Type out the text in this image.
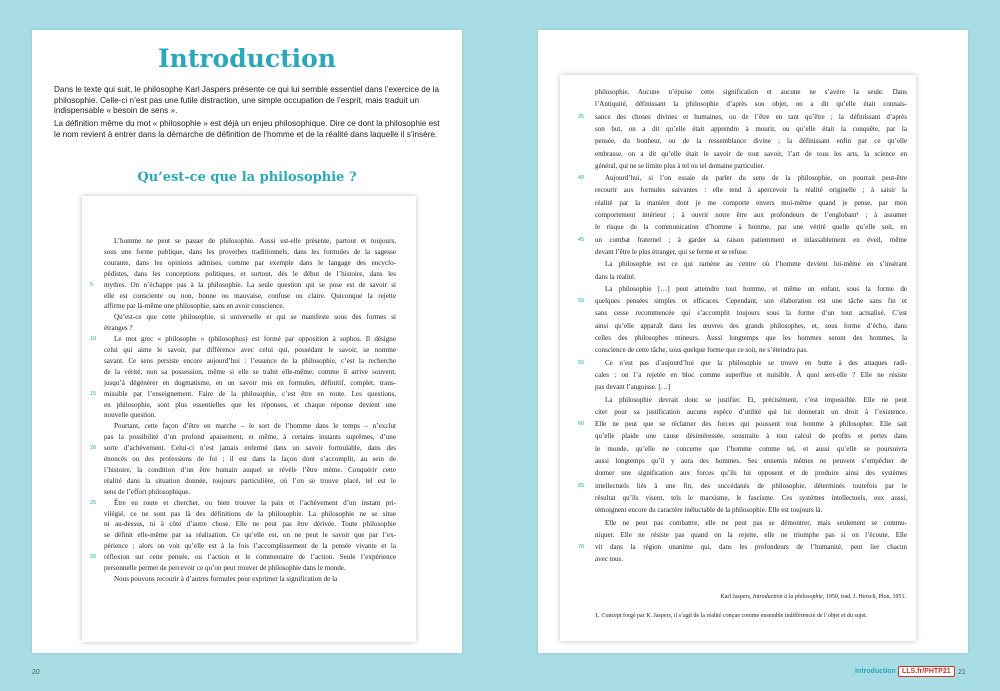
Introduction

Dans le texte qui suit, le philosophe Karl Jaspers présente ce qui lui semble essentiel dans l’exercice de la philosophie. Celle-ci n’est pas une futile distraction, une simple occupation de l’esprit, mais traduit un indispensable « besoin de sens ».

La définition même du mot « philosophie » est déjà un enjeu philosophique. Dire ce dont la philosophie est le nom revient à entrer dans la démarche de définition de l’homme et de la réalité dans laquelle il s’insère.

Qu’est-ce que la philosophie ?

L’homme ne peut se passer de philosophie. Aussi est-elle présente, partout et toujours,

sous une forme publique, dans les proverbes traditionnels, dans les formules de la sagesse

courante, dans les opinions admises, comme par exemple dans le langage des encyclo-

pédistes, dans les conceptions politiques, et surtout, dès le début de l’histoire, dans les

mythes. On n’échappe pas à la philosophie. La seule question qui se pose est de savoir si

elle est consciente ou non, bonne ou mauvaise, confuse ou claire. Quiconque la rejette

affirme par là-même une philosophie, sans en avoir conscience.

Qu’est-ce que cette philosophie, si universelle et qui se manifeste sous des formes si

étranges ?

Le mot grec « philosophe » (philosophos) est formé par opposition à sophos. Il désigne

celui qui aime le savoir, par différence avec celui qui, possédant le savoir, se nomme

savant. Ce sens persiste encore aujourd’hui : l’essence de la philosophie, c’est la recherche

de la vérité, non sa possession, même si elle se trahit elle-même, comme il arrive souvent,

jusqu’à dégénérer en dogmatisme, en un savoir mis en formules, définitif, complet, trans-

missible par l’enseignement. Faire de la philosophie, c’est être en route. Les questions,

en philosophie, sont plus essentielles que les réponses, et chaque réponse devient une

nouvelle question.

Pourtant, cette façon d’être en marche – le sort de l’homme dans le temps – n’exclut

pas la possibilité d’un profond apaisement, et même, à certains instants suprêmes, d’une

sorte d’achèvement. Celui-ci n’est jamais enfermé dans un savoir formulable, dans des

énoncés ou des professions de foi ; il est dans la façon dont s’accomplit, au sein de

l’histoire, la condition d’un être humain auquel se révèle l’être même. Conquérir cette

réalité dans la situation donnée, toujours particulière, où l’on se trouve placé, tel est le

sens de l’effort philosophique.

Être en route et chercher, ou bien trouver la paix et l’achèvement d’un instant pri-

vilégié, ce ne sont pas là des définitions de la philosophie. La philosophie ne se situe

ni au-dessus, ni à côté d’autre chose. Elle ne peut pas être dérivée. Toute philosophie

se définit elle-même par sa réalisation. Ce qu’elle est, on ne peut le savoir que par l’ex-

périence ; alors on voit qu’elle est à la fois l’accomplissement de la pensée vivante et la

réflexion sur cette pensée, ou l’action et le commentaire de l’action. Seule l’expérience

personnelle permet de percevoir ce qu’on peut trouver de philosophie dans le monde.

Nous pouvons recourir à d’autres formules pour exprimer la signification de la

5
10
15
20
25
30

philosophie. Aucune n’épuise cette signification et aucune ne s’avère la seule. Dans

l’Antiquité, définissant la philosophie d’après son objet, on a dit qu’elle était connais-

sance des choses divines et humaines, ou de l’être en tant qu’être ; la définissant d’après

son but, on a dit qu’elle était apprendre à mourir, ou qu’elle était la conquête, par la

pensée, du bonheur, ou de la ressemblance divine ; la définissant enfin par ce qu’elle

embrasse, on a dit qu’elle était le savoir de tout savoir, l’art de tous les arts, la science en

général, qui ne se limite plus à tel ou tel domaine particulier.

Aujourd’hui, si l’on essaie de parler du sens de la philosophie, on pourrait peut-être

recourir aux formules suivantes : elle tend à apercevoir la réalité originelle ; à saisir la

réalité par la manière dont je me comporte envers moi-même quand je pense, par mon

comportement intérieur ; à ouvrir notre être aux profondeurs de l’englobant¹ ; à assumer

le risque de la communication d’homme à homme, par une vérité quelle qu’elle soit, en

un combat fraternel ; à garder sa raison patiemment et inlassablement en éveil, même

devant l’être le plus étranger, qui se ferme et se refuse.

La philosophie est ce qui ramène au centre où l’homme devient lui-même en s’insérant

dans la réalité.

La philosophie […] peut atteindre tout homme, et même un enfant, sous la forme de

quelques pensées simples et efficaces. Cependant, son élaboration est une tâche sans fin et

sans cesse recommencée qui s’accomplit toujours sous la forme d’un tout actualisé. C’est

ainsi qu’elle apparaît dans les œuvres des grands philosophes, et, sous forme d’écho, dans

celles des philosophes mineurs. Aussi longtemps que les hommes seront des hommes, la

conscience de cette tâche, sous quelque forme que ce soit, ne s’éteindra pas.

Ce n’est pas d’aujourd’hui que la philosophie se trouve en butte à des attaques radi-

cales ; on l’a rejetée en bloc comme superflue et nuisible. À quoi sert-elle ? Elle ne résiste

pas devant l’angoisse. […]

La philosophie devrait donc se justifier. Et, précisément, c’est impossible. Elle ne peut

citer pour sa justification aucune espèce d’utilité qui lui donnerait un droit à l’existence.

Elle ne peut que se réclamer des forces qui poussent tout homme à philosopher. Elle sait

qu’elle plaide une cause désintéressée, soustraite à tout calcul de profits et pertes dans

le monde, qu’elle ne concerne que l’homme comme tel, et aussi qu’elle se poursuivra

aussi longtemps qu’il y aura des hommes. Ses ennemis mêmes ne peuvent s’empêcher de

donner une signification aux forces qu’ils lui opposent et de produire ainsi des systèmes

intellectuels liés à une fin, des succédanés de philosophie, déterminés toutefois par le

résultat qu’ils visent, tels le marxisme, le fascisme. Ces systèmes intellectuels, eux aussi,

témoignent encore du caractère inéluctable de la philosophie. Elle est toujours là.

Elle ne peut pas combattre, elle ne peut pas se démontrer, mais seulement se commu-

niquer. Elle ne résiste pas quand on la rejette, elle ne triomphe pas si on l’écoute. Elle

vit dans la région unanime qui, dans les profondeurs de l’humanité, peut lier chacun

avec tous.

35
40
45
50
55
60
65
70
Karl Jaspers, Introduction à la philosophie, 1950, trad. J. Hersch, Plon, 1951.
1. Concept forgé par K. Jaspers, il s’agit de la réalité conçue comme ensemble indifférencié de l’objet et du sujet.
20	Introduction LLS.fr/PHTP21	21
